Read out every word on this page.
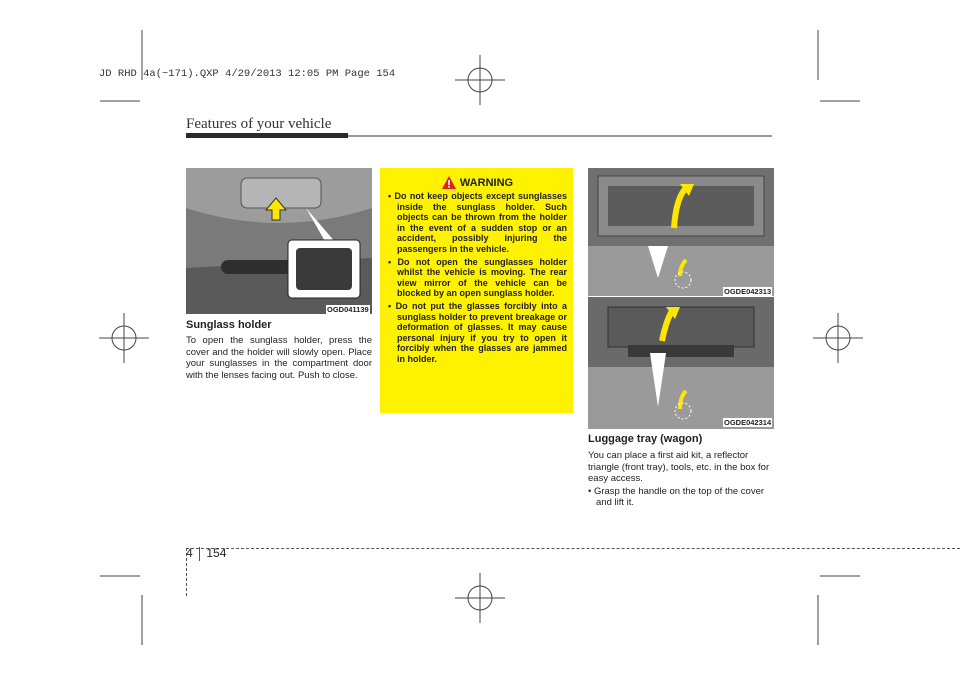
JD RHD 4a(~171).QXP 4/29/2013 12:05 PM Page 154
Features of your vehicle
OGD041139
Sunglass holder

To open the sunglass holder, press the cover and the holder will slowly open. Place your sunglasses in the compartment door with the lenses facing out. Push to close.

WARNING
• Do not keep objects except sunglasses inside the sunglass holder. Such objects can be thrown from the holder in the event of a sudden stop or an accident, possibly injuring the passengers in the vehicle.
• Do not open the sunglasses holder whilst the vehicle is moving. The rear view mirror of the vehicle can be blocked by an open sunglass holder.
• Do not put the glasses forcibly into a sunglass holder to prevent breakage or deformation of glasses. It may cause personal injury if you try to open it forcibly when the glasses are jammed in holder.
OGDE042313
OGDE042314
Luggage tray (wagon)

You can place a first aid kit, a reflector triangle (front tray), tools, etc. in the box for easy access.

• Grasp the handle on the top of the cover and lift it.
4 154
